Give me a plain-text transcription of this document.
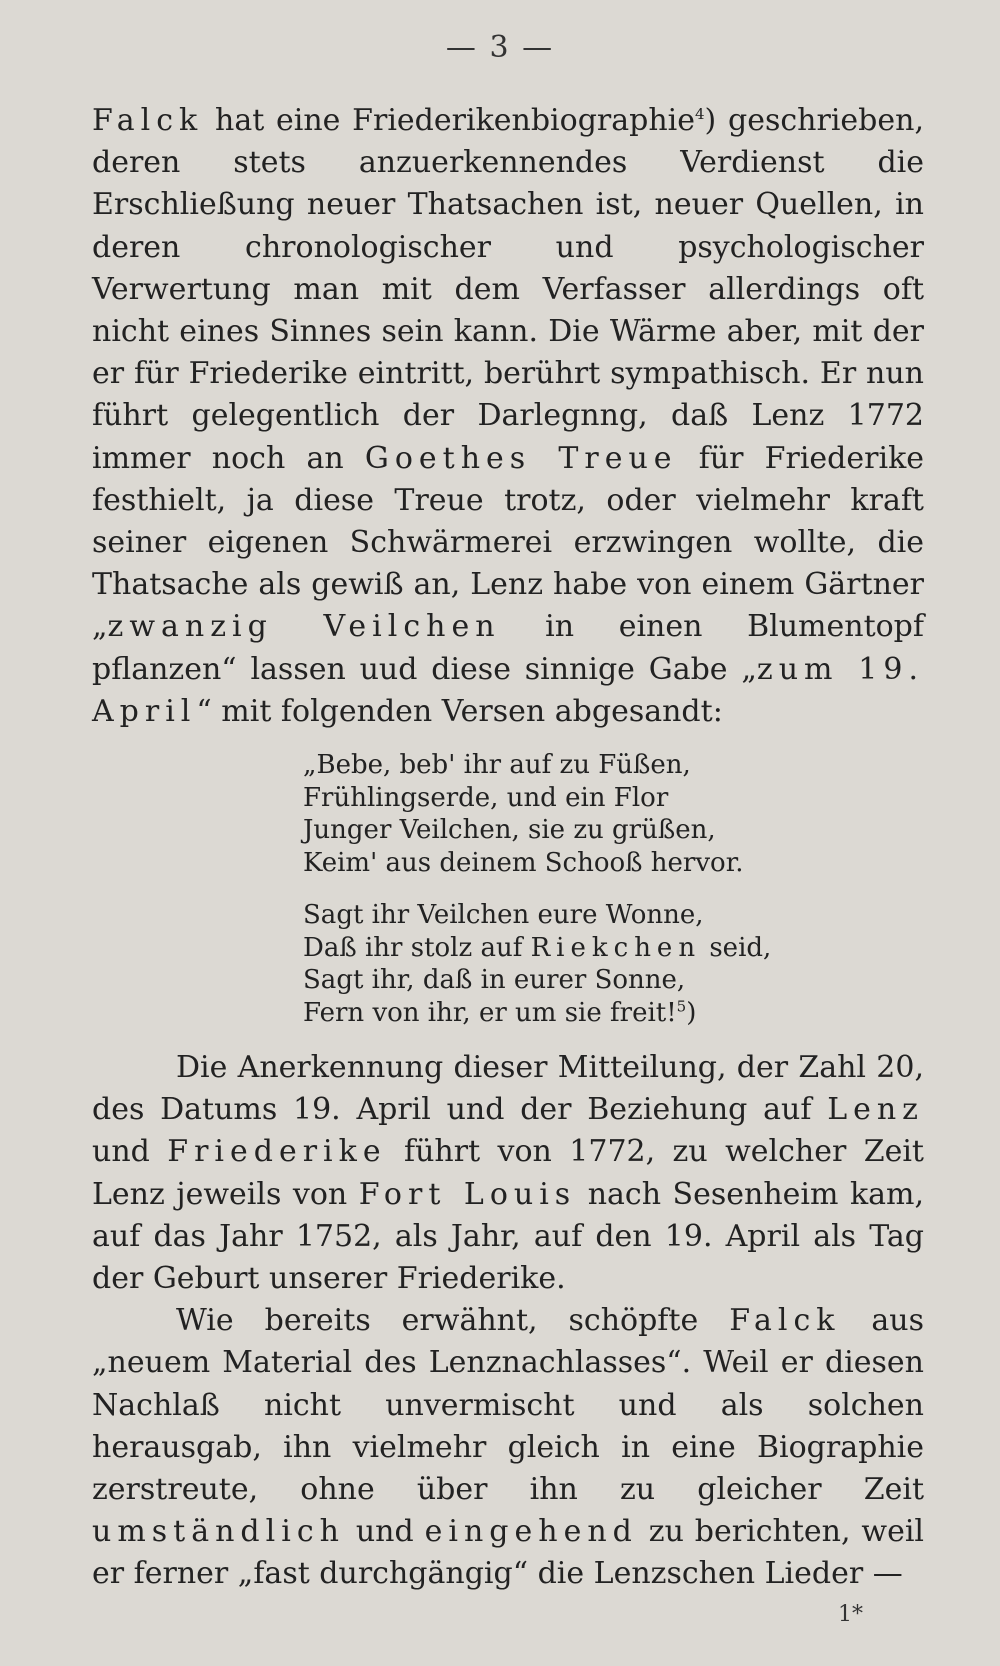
— 3 —

Falck hat eine Friederikenbiographie$^4$) geschrieben, deren stets anzuerkennendes Verdienst die Erschließung neuer Thatsachen ist, neuer Quellen, in deren chronologischer und psychologischer Verwertung man mit dem Verfasser allerdings oft nicht eines Sinnes sein kann. Die Wärme aber, mit der er für Friederike eintritt, berührt sympathisch. Er nun führt gelegentlich der Darlegnng, daß Lenz 1772 immer noch an Goethes Treue für Friederike festhielt, ja diese Treue trotz, oder vielmehr kraft seiner eigenen Schwärmerei erzwingen wollte, die Thatsache als gewiß an, Lenz habe von einem Gärtner „zwanzig Veilchen in einen Blumentopf pflanzen“ lassen uud diese sinnige Gabe „zum 19. April“ mit folgenden Versen abgesandt:

„Bebe, beb' ihr auf zu Füßen,
Frühlingserde, und ein Flor
Junger Veilchen, sie zu grüßen,
Keim' aus deinem Schooß hervor.
Sagt ihr Veilchen eure Wonne,
Daß ihr stolz auf Riekchen seid,
Sagt ihr, daß in eurer Sonne,
Fern von ihr, er um sie freit!$^5$)

Die Anerkennung dieser Mitteilung, der Zahl 20, des Datums 19. April und der Beziehung auf Lenz und Friederike führt von 1772, zu welcher Zeit Lenz jeweils von Fort Louis nach Sesenheim kam, auf das Jahr 1752, als Jahr, auf den 19. April als Tag der Geburt unserer Friederike.

Wie bereits erwähnt, schöpfte Falck aus „neuem Material des Lenznachlasses“. Weil er diesen Nachlaß nicht unvermischt und als solchen herausgab, ihn vielmehr gleich in eine Biographie zerstreute, ohne über ihn zu gleicher Zeit umständlich und eingehend zu berichten, weil er ferner „fast durchgängig“ die Lenzschen Lieder —

1*
